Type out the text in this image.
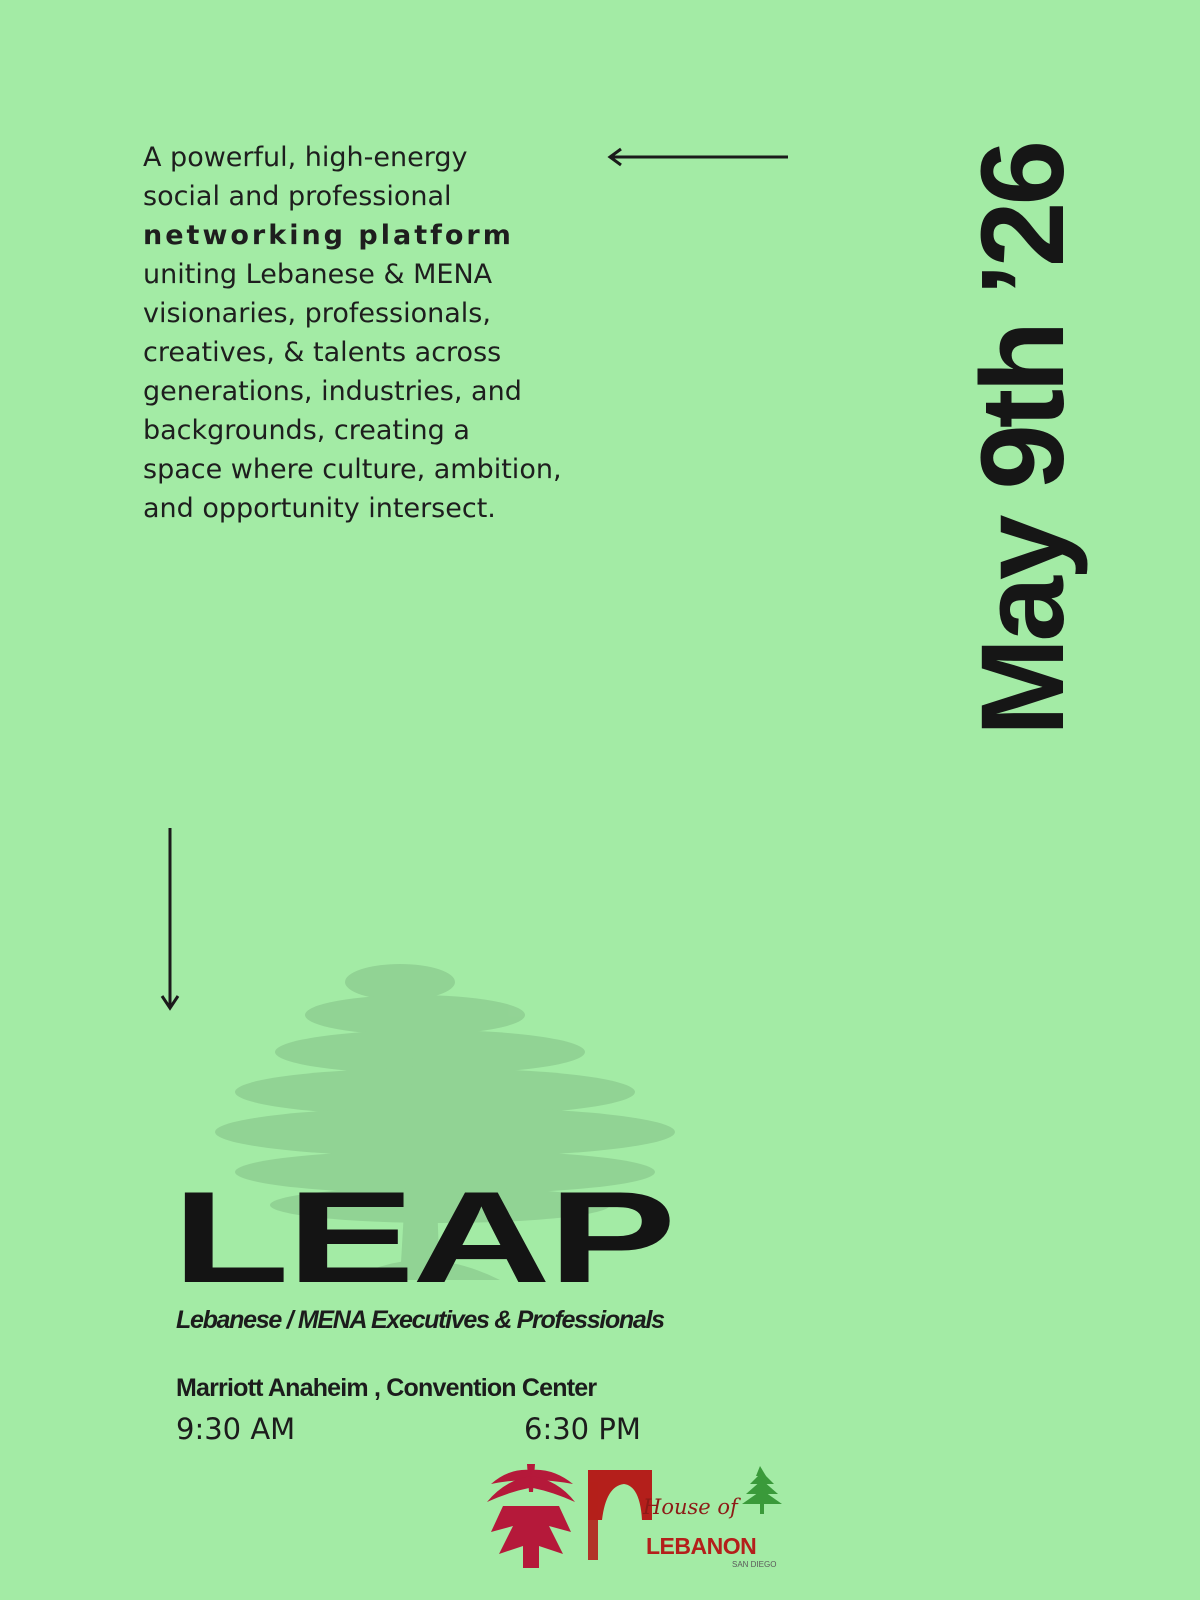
A powerful, high-energy
social and professional
networking platform
uniting Lebanese & MENA
visionaries, professionals,
creatives, & talents across
generations, industries, and
backgrounds, creating a
space where culture, ambition,
and opportunity intersect.	May 9th ’26
LEAP
Lebanese / MENA Executives & Professionals
Marriott Anaheim , Convention Center
9:30 AM	6:30 PM
House of
LEBANON
SAN DIEGO
